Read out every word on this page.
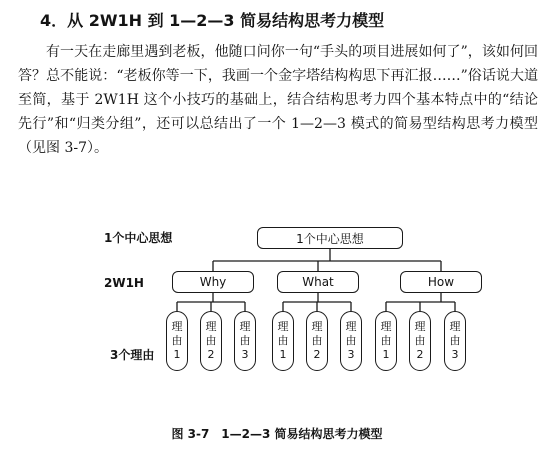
4．从 2W1H 到 1—2—3 简易结构思考力模型

有一天在走廊里遇到老板，他随口问你一句“手头的项目进展如何了”，该如何回答？总不能说：“老板你等一下，我画一个金字塔结构构思下再汇报……”俗话说大道至简，基于 2W1H 这个小技巧的基础上，结合结构思考力四个基本特点中的“结论先行”和“归类分组”，还可以总结出了一个 1—2—3 模式的简易型结构思考力模型（见图 3-7）。

1个中心思想
2W1H
3个理由
1个中心思想
Why	What	How
理
由
1
理
由
2
理
由
3
理
由
1
理
由
2
理
由
3
理
由
1
理
由
2
理
由
3
图 3-7　1—2—3 简易结构思考力模型
